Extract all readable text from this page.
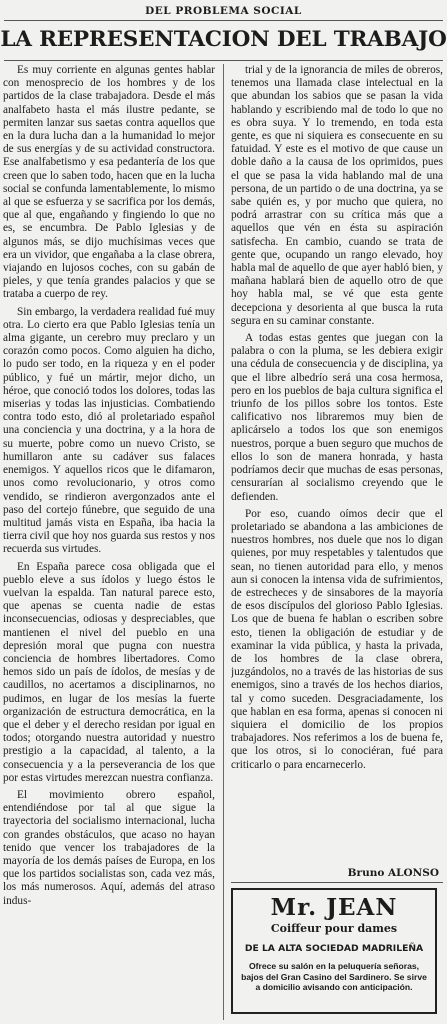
DEL PROBLEMA SOCIAL
LA REPRESENTACION DEL TRABAJO

Es muy corriente en algunas gentes hablar con menosprecio de los hombres y de los partidos de la clase trabajadora. Desde el más analfabeto hasta el más ilustre pedante, se permiten lanzar sus saetas contra aquellos que en la dura lucha dan a la humanidad lo mejor de sus energías y de su actividad constructora. Ese analfabetismo y esa pedantería de los que creen que lo saben todo, hacen que en la lucha social se confunda lamentablemente, lo mismo al que se esfuerza y se sacrifica por los demás, que al que, engañando y fingiendo lo que no es, se encumbra. De Pablo Iglesias y de algunos más, se dijo muchísimas veces que era un vividor, que engañaba a la clase obrera, viajando en lujosos coches, con su gabán de pieles, y que tenía grandes palacios y que se trataba a cuerpo de rey.

Sin embargo, la verdadera realidad fué muy otra. Lo cierto era que Pablo Iglesias tenía un alma gigante, un cerebro muy preclaro y un corazón como pocos. Como alguien ha dicho, lo pudo ser todo, en la riqueza y en el poder público, y fué un mártir, mejor dicho, un héroe, que conoció todos los dolores, todas las miserias y todas las injusticias. Combatiendo contra todo esto, dió al proletariado español una conciencia y una doctrina, y a la hora de su muerte, pobre como un nuevo Cristo, se humillaron ante su cadáver sus falaces enemigos. Y aquellos ricos que le difamaron, unos como revolucionario, y otros como vendido, se rindieron avergonzados ante el paso del cortejo fúnebre, que seguido de una multitud jamás vista en España, iba hacia la tierra civil que hoy nos guarda sus restos y nos recuerda sus virtudes.

En España parece cosa obligada que el pueblo eleve a sus ídolos y luego éstos le vuelvan la espalda. Tan natural parece esto, que apenas se cuenta nadie de estas inconsecuencias, odiosas y despreciables, que mantienen el nivel del pueblo en una depresión moral que pugna con nuestra conciencia de hombres libertadores. Como hemos sido un país de ídolos, de mesías y de caudillos, no acertamos a disciplinarnos, no pudimos, en lugar de los mesías la fuerte organización de estructura democrática, en la que el deber y el derecho residan por igual en todos; otorgando nuestra autoridad y nuestro prestigio a la capacidad, al talento, a la consecuencia y a la perseverancia de los que por estas virtudes merezcan nuestra confianza.

El movimiento obrero español, entendiéndose por tal al que sigue la trayectoria del socialismo internacional, lucha con grandes obstáculos, que acaso no hayan tenido que vencer los trabajadores de la mayoría de los demás países de Europa, en los que los partidos socialistas son, cada vez más, los más numerosos. Aquí, además del atraso indus-

trial y de la ignorancia de miles de obreros, tenemos una llamada clase intelectual en la que abundan los sabios que se pasan la vida hablando y escribiendo mal de todo lo que no es obra suya. Y lo tremendo, en toda esta gente, es que ni siquiera es consecuente en su fatuidad. Y este es el motivo de que cause un doble daño a la causa de los oprimidos, pues el que se pasa la vida hablando mal de una persona, de un partido o de una doctrina, ya se sabe quién es, y por mucho que quiera, no podrá arrastrar con su crítica más que a aquellos que vén en ésta su aspiración satisfecha. En cambio, cuando se trata de gente que, ocupando un rango elevado, hoy habla mal de aquello de que ayer habló bien, y mañana hablará bien de aquello otro de que hoy habla mal, se vé que esta gente decepciona y desorienta al que busca la ruta segura en su caminar constante.

A todas estas gentes que juegan con la palabra o con la pluma, se les debiera exigir una cédula de consecuencia y de disciplina, ya que el libre albedrío será una cosa hermosa, pero en los pueblos de baja cultura significa el triunfo de los pillos sobre los tontos. Este calificativo nos libraremos muy bien de aplicárselo a todos los que son enemigos nuestros, porque a buen seguro que muchos de ellos lo son de manera honrada, y hasta podríamos decir que muchas de esas personas, censurarían al socialismo creyendo que le defienden.

Por eso, cuando oímos decir que el proletariado se abandona a las ambiciones de nuestros hombres, nos duele que nos lo digan quienes, por muy respetables y talentudos que sean, no tienen autoridad para ello, y menos aun si conocen la intensa vida de sufrimientos, de estrecheces y de sinsabores de la mayoría de esos discípulos del glorioso Pablo Iglesias. Los que de buena fe hablan o escriben sobre esto, tienen la obligación de estudiar y de examinar la vida pública, y hasta la privada, de los hombres de la clase obrera, juzgándolos, no a través de las historias de sus enemigos, sino a través de los hechos diarios, tal y como suceden. Desgraciadamente, los que hablan en esa forma, apenas si conocen ni siquiera el domicilio de los propios trabajadores. Nos referimos a los de buena fe, que los otros, si lo conociéran, fué para criticarlo o para encarnecerlo.

Bruno ALONSO
Mr. JEAN
Coiffeur pour dames
DE LA ALTA SOCIEDAD MADRILEÑA
Ofrece su salón en la peluquería señoras, bajos del Gran Casino del Sardinero. Se sirve a domicilio avisando con anticipación.
